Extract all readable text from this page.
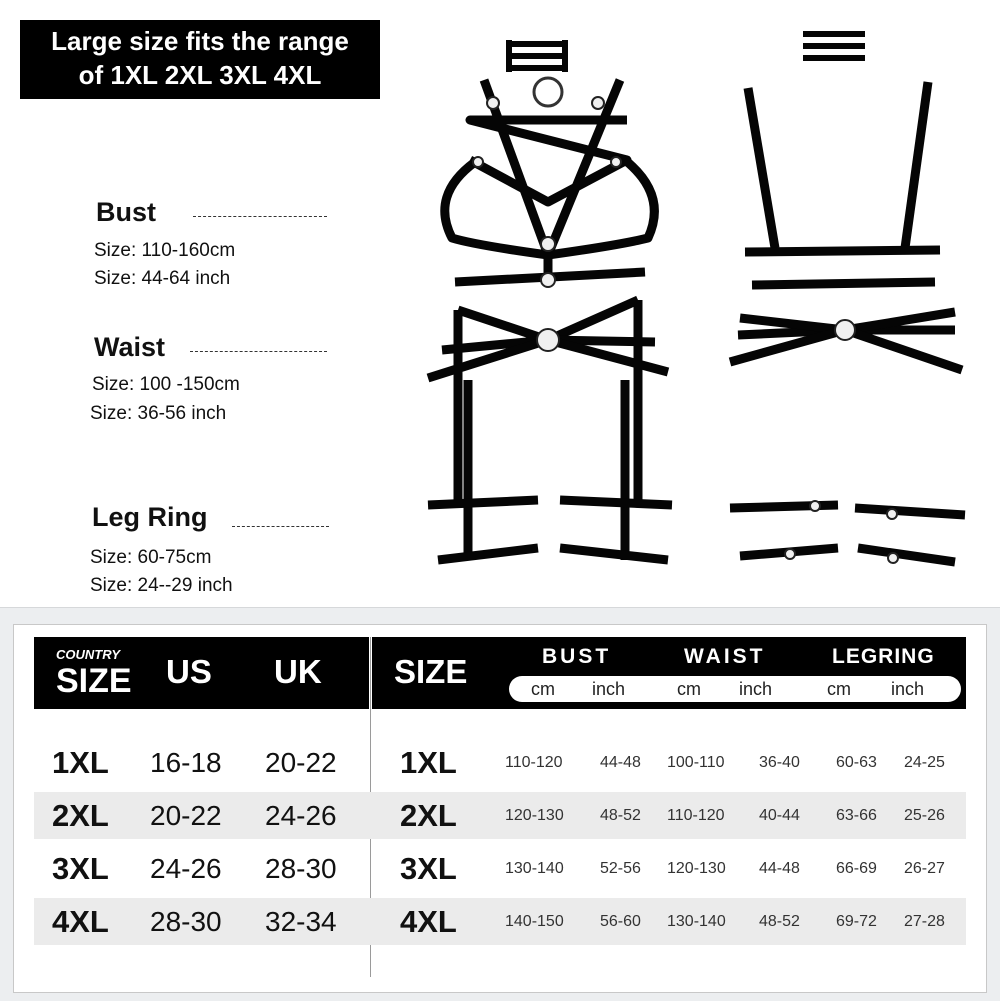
Large size fits the range
of 1XL 2XL 3XL 4XL
Bust
Size: 110-160cm
Size: 44-64 inch
Waist
Size: 100 -150cm
Size: 36-56 inch
Leg Ring
Size: 60-75cm
Size: 24--29 inch
COUNTRY
SIZE US UK SIZE	BUST	WAIST	LEGRING
cm inch	cm inch	cm inch
1XL 16-18 20-22 1XL	110-120 44-48 100-110 36-40 60-63 24-25
2XL 20-22 24-26 2XL	120-130 48-52 110-120 40-44 63-66 25-26
3XL 24-26 28-30 3XL	130-140 52-56 120-130 44-48 66-69 26-27
4XL 28-30 32-34 4XL	140-150 56-60 130-140 48-52 69-72 27-28
